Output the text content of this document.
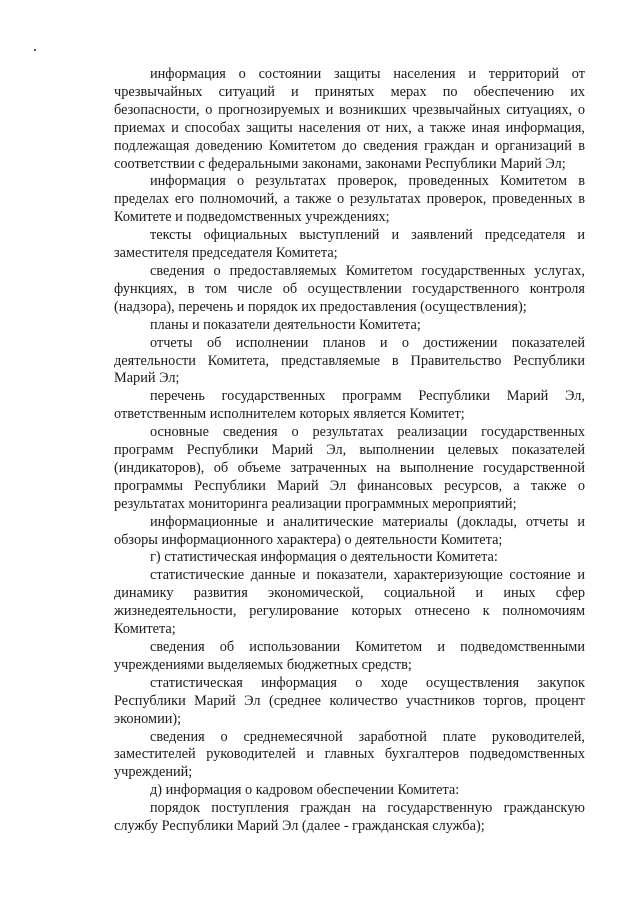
информация о состоянии защиты населения и территорий от чрезвычайных ситуаций и принятых мерах по обеспечению их безопасности, о прогнозируемых и возникших чрезвычайных ситуациях, о приемах и способах защиты населения от них, а также иная информация, подлежащая доведению Комитетом до сведения граждан и организаций в соответствии с федеральными законами, законами Республики Марий Эл;

информация о результатах проверок, проведенных Комитетом в пределах его полномочий, а также о результатах проверок, проведенных в Комитете и подведомственных учреждениях;

тексты официальных выступлений и заявлений председателя и заместителя председателя Комитета;

сведения о предоставляемых Комитетом государственных услугах, функциях, в том числе об осуществлении государственного контроля (надзора), перечень и порядок их предоставления (осуществления);

планы и показатели деятельности Комитета;

отчеты об исполнении планов и о достижении показателей деятельности Комитета, представляемые в Правительство Республики Марий Эл;

перечень государственных программ Республики Марий Эл, ответственным исполнителем которых является Комитет;

основные сведения о результатах реализации государственных программ Республики Марий Эл, выполнении целевых показателей (индикаторов), об объеме затраченных на выполнение государственной программы Республики Марий Эл финансовых ресурсов, а также о результатах мониторинга реализации программных мероприятий;

информационные и аналитические материалы (доклады, отчеты и обзоры информационного характера) о деятельности Комитета;

г) статистическая информация о деятельности Комитета:

статистические данные и показатели, характеризующие состояние и динамику развития экономической, социальной и иных сфер жизнедеятельности, регулирование которых отнесено к полномочиям Комитета;

сведения об использовании Комитетом и подведомственными учреждениями выделяемых бюджетных средств;

статистическая информация о ходе осуществления закупок Республики Марий Эл (среднее количество участников торгов, процент экономии);

сведения о среднемесячной заработной плате руководителей, заместителей руководителей и главных бухгалтеров подведомственных учреждений;

д) информация о кадровом обеспечении Комитета:

порядок поступления граждан на государственную гражданскую службу Республики Марий Эл (далее - гражданская служба);
